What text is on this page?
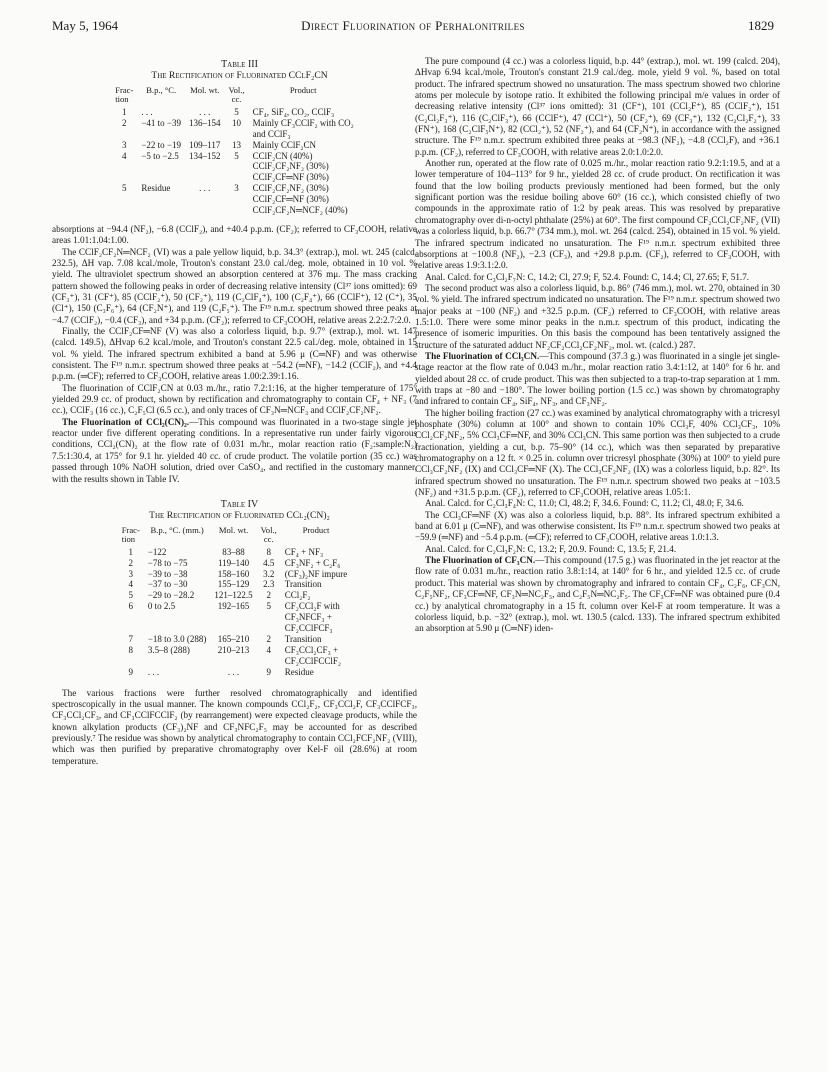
May 5, 1964	Direct Fluorination of Perhalonitriles	1829

Table III

The Rectification of Fluorinated CClF₂CN

Frac-
tion	B.p., °C.	Mol. wt.	Vol.,
cc.	Product
1	. . .	. . .	5	CF₄, SiF₄, CO₂, CClF₃
2	−41 to −39	136–154	10	Mainly CF₃CClF₂ with CO₂
and CClF₃
3	−22 to −19	109–117	13	Mainly CClF₂CN
4	−5 to −2.5	134–152	5	CClF₂CN (40%)
CClF₂CF₂NF₂ (30%)
CClF₂CF═NF (30%)
5	Residue	. . .	3	CClF₂CF₂NF₂ (30%)
CClF₂CF═NF (30%)
CClF₂CF₂N═NCF₂ (40%)

absorptions at −94.4 (NF₂), −6.8 (CClF₂), and +40.4 p.p.m. (CF₂); referred to CF₃COOH, relative areas 1.01:1.04:1.00.

The CClF₂CF₂N═NCF₂ (VI) was a pale yellow liquid, b.p. 34.3° (extrap.), mol. wt. 245 (calcd. 232.5), ΔH vap. 7.08 kcal./mole, Trouton's constant 23.0 cal./deg. mole, obtained in 10 vol. % yield. The ultraviolet spectrum showed an absorption centered at 376 mμ. The mass cracking pattern showed the following peaks in order of decreasing relative intensity (Cl³⁷ ions omitted): 69 (CF₃⁺), 31 (CF⁺), 85 (CClF₂⁺), 50 (CF₂⁺), 119 (C₂ClF₄⁺), 100 (C₂F₄⁺), 66 (CClF⁺), 12 (C⁺), 35 (Cl⁺), 150 (C₃F₆⁺), 64 (CF₂N⁺), and 119 (C₂F₅⁺). The F¹⁹ n.m.r. spectrum showed three peaks at −4.7 (CClF₂), −0.4 (CF₃), and +34 p.p.m. (CF₂); referred to CF₃COOH, relative areas 2.2:2.7:2.0.

Finally, the CClF₂CF═NF (V) was also a colorless liquid, b.p. 9.7° (extrap.), mol. wt. 147 (calcd. 149.5), ΔHvap 6.2 kcal./mole, and Trouton's constant 22.5 cal./deg. mole, obtained in 15 vol. % yield. The infrared spectrum exhibited a band at 5.96 μ (C═NF) and was otherwise consistent. The F¹⁹ n.m.r. spectrum showed three peaks at −54.2 (═NF), −14.2 (CClF₂), and +4.4 p.p.m. (═CF); referred to CF₃COOH, relative areas 1.00:2.39:1.16.

The fluorination of CClF₂CN at 0.03 m./hr., ratio 7.2:1:16, at the higher temperature of 175° yielded 29.9 cc. of product, shown by rectification and chromatography to contain CF₄ + NF₃ (7 cc.), CClF₃ (16 cc.), C₂F₅Cl (6.5 cc.), and only traces of CF₃N═NCF₃ and CClF₂CF₂NF₂.

The Fluorination of CCl₂(CN)₂.—This compound was fluorinated in a two-stage single jet reactor under five different operating conditions. In a representative run under fairly vigorous conditions, CCl₂(CN)₂ at the flow rate of 0.031 m./hr., molar reaction ratio (F₂:sample:N₂) 7.5:1:30.4, at 175° for 9.1 hr. yielded 40 cc. of crude product. The volatile portion (35 cc.) was passed through 10% NaOH solution, dried over CaSO₄, and rectified in the customary manner, with the results shown in Table IV.

Table IV

The Rectification of Fluorinated CCl₂(CN)₂

Frac-
tion	B.p., °C. (mm.)	Mol. wt.	Vol.,
cc.	Product
1	−122	83–88	8	CF₄ + NF₃
2	−78 to −75	119–140	4.5	CF₃NF₂ + C₂F₆
3	−39 to −38	158–160	3.2	(CF₃)₂NF impure
4	−37 to −30	155–129	2.3	Transition
5	−29 to −28.2	121–122.5	2	CCl₂F₂
6	0 to 2.5	192–165	5	CF₂CCl₂F with
CF₃NFCF₃ +
CF₂CClFCF₃
7	−18 to 3.0 (288)	165–210	2	Transition
8	3.5–8 (288)	210–213	4	CF₃CCl₂CF₃ +
CF₂CClFCClF₂
9	. . .	. . .	9	Residue

The various fractions were further resolved chromatographically and identified spectroscopically in the usual manner. The known compounds CCl₂F₂, CF₃CCl₂F, CF₃CClFCF₃, CF₃CCl₂CF₃, and CF₃CClFCClF₂ (by rearrangement) were expected cleavage products, while the known alkylation products (CF₃)₂NF and CF₃NFC₂F₅ may be accounted for as described previously.⁷ The residue was shown by analytical chromatography to contain CCl₂FCF₂NF₂ (VIII), which was then purified by preparative chromatography over Kel-F oil (28.6%) at room temperature.

The pure compound (4 cc.) was a colorless liquid, b.p. 44° (extrap.), mol. wt. 199 (calcd. 204), ΔHvap 6.94 kcal./mole, Trouton's constant 21.9 cal./deg. mole, yield 9 vol. %, based on total product. The infrared spectrum showed no unsaturation. The mass spectrum showed two chlorine atoms per molecule by isotope ratio. It exhibited the following principal m/e values in order of decreasing relative intensity (Cl³⁷ ions omitted): 31 (CF⁺), 101 (CCl₂F⁺), 85 (CClF₂⁺), 151 (C₂Cl₂F₃⁺), 116 (C₂ClF₃⁺), 66 (CClF⁺), 47 (CCl⁺), 50 (CF₂⁺), 69 (CF₃⁺), 132 (C₂Cl₂F₂⁺), 33 (FN⁺), 168 (C₂ClF₅N⁺), 82 (CCl₂⁺), 52 (NF₂⁺), and 64 (CF₂N⁺), in accordance with the assigned structure. The F¹⁹ n.m.r. spectrum exhibited three peaks at −98.3 (NF₂), −4.8 (CCl₂F), and +36.1 p.p.m. (CF₂), referred to CF₃COOH, with relative areas 2.0:1.0:2.0.

Another run, operated at the flow rate of 0.025 m./hr., molar reaction ratio 9.2:1:19.5, and at a lower temperature of 104–113° for 9 hr., yielded 28 cc. of crude product. On rectification it was found that the low boiling products previously mentioned had been formed, but the only significant portion was the residue boiling above 60° (16 cc.), which consisted chiefly of two compounds in the approximate ratio of 1:2 by peak areas. This was resolved by preparative chromatography over di-n-octyl phthalate (25%) at 60°. The first compound CF₂CCl₂CF₂NF₂ (VII) was a colorless liquid, b.p. 66.7° (734 mm.), mol. wt. 264 (calcd. 254), obtained in 15 vol. % yield. The infrared spectrum indicated no unsaturation. The F¹⁹ n.m.r. spectrum exhibited three absorptions at −100.8 (NF₂), −2.3 (CF₃), and +29.8 p.p.m. (CF₂), referred to CF₃COOH, with relative areas 1.9:3.1:2.0.

Anal. Calcd. for C₃Cl₂F₇N: C, 14.2; Cl, 27.9; F, 52.4. Found: C, 14.4; Cl, 27.65; F, 51.7.

The second product was also a colorless liquid, b.p. 86° (746 mm.), mol. wt. 270, obtained in 30 vol. % yield. The infrared spectrum indicated no unsaturation. The F¹⁹ n.m.r. spectrum showed two major peaks at −100 (NF₂) and +32.5 p.p.m. (CF₂) referred to CF₃COOH, with relative areas 1.5:1.0. There were some minor peaks in the n.m.r. spectrum of this product, indicating the presence of isomeric impurities. On this basis the compound has been tentatively assigned the structure of the saturated adduct NF₂CF₂CCl₂CF₂NF₂, mol. wt. (calcd.) 287.

The Fluorination of CCl₃CN.—This compound (37.3 g.) was fluorinated in a single jet single-stage reactor at the flow rate of 0.043 m./hr., molar reaction ratio 3.4:1:12, at 140° for 6 hr. and yielded about 28 cc. of crude product. This was then subjected to a trap-to-trap separation at 1 mm. with traps at −80 and −180°. The lower boiling portion (1.5 cc.) was shown by chromatography and infrared to contain CF₄, SiF₄, NF₃, and CF₃NF₂.

The higher boiling fraction (27 cc.) was examined by analytical chromatography with a tricresyl phosphate (30%) column at 100° and shown to contain 10% CCl₃F, 40% CCl₃CF₃, 10% CCl₂CF₂NF₂, 5% CCl₃CF═NF, and 30% CCl₃CN. This same portion was then subjected to a crude fractionation, yielding a cut, b.p. 75–90° (14 cc.), which was then separated by preparative chromatography on a 12 ft. × 0.25 in. column over tricresyl phosphate (30%) at 100° to yield pure CCl₃CF₂NF₂ (IX) and CCl₃CF═NF (X). The CCl₃CF₂NF₂ (IX) was a colorless liquid, b.p. 82°. Its infrared spectrum showed no unsaturation. The F¹⁹ n.m.r. spectrum showed two peaks at −103.5 (NF₂) and +31.5 p.p.m. (CF₂), referred to CF₃COOH, relative areas 1.05:1.

Anal. Calcd. for C₂Cl₃F₄N: C, 11.0; Cl, 48.2; F, 34.6. Found: C, 11.2; Cl, 48.0; F, 34.6.

The CCl₃CF═NF (X) was also a colorless liquid, b.p. 88°. Its infrared spectrum exhibited a band at 6.01 μ (C═NF), and was otherwise consistent. Its F¹⁹ n.m.r. spectrum showed two peaks at −59.9 (═NF) and −5.4 p.p.m. (═CF); referred to CF₃COOH, relative areas 1.0:1.3.

Anal. Calcd. for C₂Cl₃F₂N: C, 13.2; F, 20.9. Found: C, 13.5; F, 21.4.

The Fluorination of CF₃CN.—This compound (17.5 g.) was fluorinated in the jet reactor at the flow rate of 0.031 m./hr., reaction ratio 3.8:1:14, at 140° for 6 hr., and yielded 12.5 cc. of crude product. This material was shown by chromatography and infrared to contain CF₄, C₂F₆, CF₃CN, C₂F₅NF₂, CF₃CF═NF, CF₃N═NC₂F₅, and C₂F₅N═NC₂F₅. The CF₃CF═NF was obtained pure (0.4 cc.) by analytical chromatography in a 15 ft. column over Kel-F at room temperature. It was a colorless liquid, b.p. −32° (extrap.), mol. wt. 130.5 (calcd. 133). The infrared spectrum exhibited an absorption at 5.90 μ (C═NF) iden-
